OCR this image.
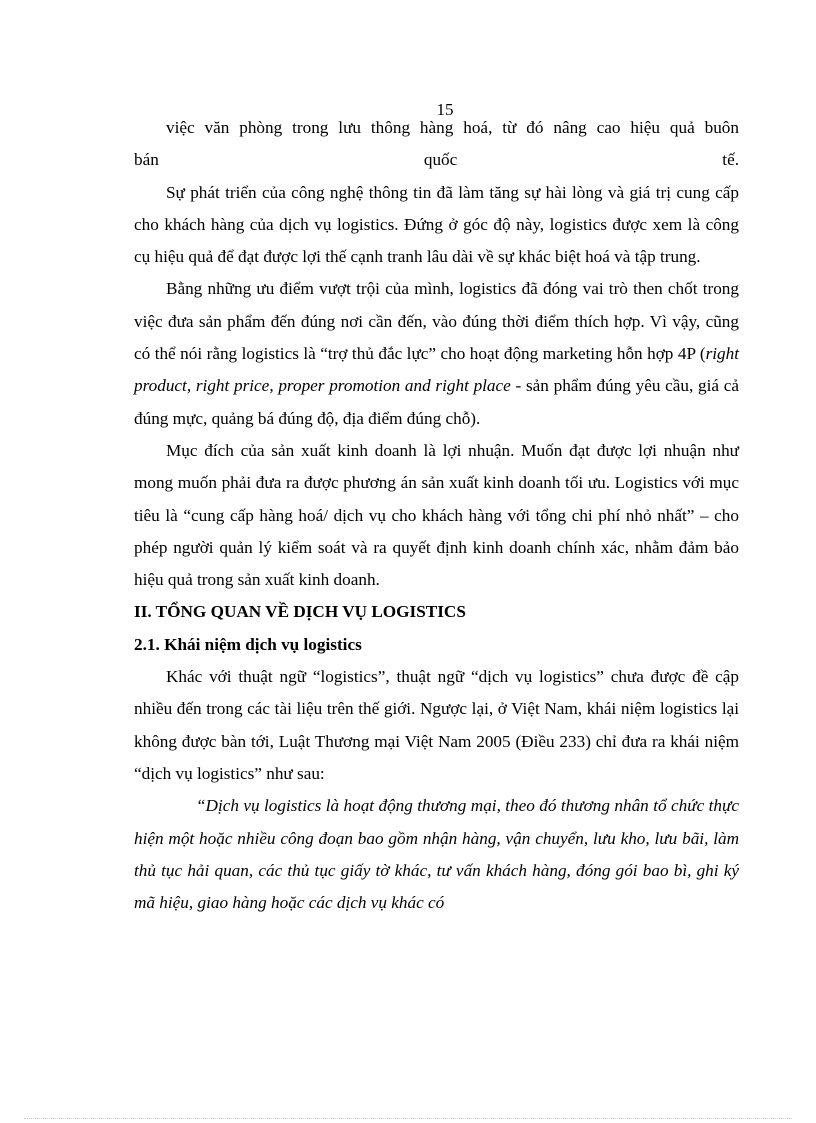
15

việc văn phòng trong lưu thông hàng hoá, từ đó nâng cao hiệu quả buôn

bán quốc tế.

Sự phát triển của công nghệ thông tin đã làm tăng sự hài lòng và giá trị cung cấp cho khách hàng của dịch vụ logistics. Đứng ở góc độ này, logistics được xem là công cụ hiệu quả để đạt được lợi thế cạnh tranh lâu dài về sự khác biệt hoá và tập trung.

Bằng những ưu điểm vượt trội của mình, logistics đã đóng vai trò then chốt trong việc đưa sản phẩm đến đúng nơi cần đến, vào đúng thời điểm thích hợp. Vì vậy, cũng có thể nói rằng logistics là “trợ thủ đắc lực” cho hoạt động marketing hỗn hợp 4P (right product, right price, proper promotion and right place - sản phẩm đúng yêu cầu, giá cả đúng mực, quảng bá đúng độ, địa điểm đúng chỗ).

Mục đích của sản xuất kinh doanh là lợi nhuận. Muốn đạt được lợi nhuận như mong muốn phải đưa ra được phương án sản xuất kinh doanh tối ưu. Logistics với mục tiêu là “cung cấp hàng hoá/ dịch vụ cho khách hàng với tổng chi phí nhỏ nhất” – cho phép người quản lý kiểm soát và ra quyết định kinh doanh chính xác, nhằm đảm bảo hiệu quả trong sản xuất kinh doanh.

II. TỔNG QUAN VỀ DỊCH VỤ LOGISTICS
2.1. Khái niệm dịch vụ logistics

Khác với thuật ngữ “logistics”, thuật ngữ “dịch vụ logistics” chưa được đề cập nhiều đến trong các tài liệu trên thế giới. Ngược lại, ở Việt Nam, khái niệm logistics lại không được bàn tới, Luật Thương mại Việt Nam 2005 (Điều 233) chỉ đưa ra khái niệm “dịch vụ logistics” như sau:

“Dịch vụ logistics là hoạt động thương mại, theo đó thương nhân tổ chức thực hiện một hoặc nhiều công đoạn bao gồm nhận hàng, vận chuyển, lưu kho, lưu bãi, làm thủ tục hải quan, các thủ tục giấy tờ khác, tư vấn khách hàng, đóng gói bao bì, ghi ký mã hiệu, giao hàng hoặc các dịch vụ khác có
